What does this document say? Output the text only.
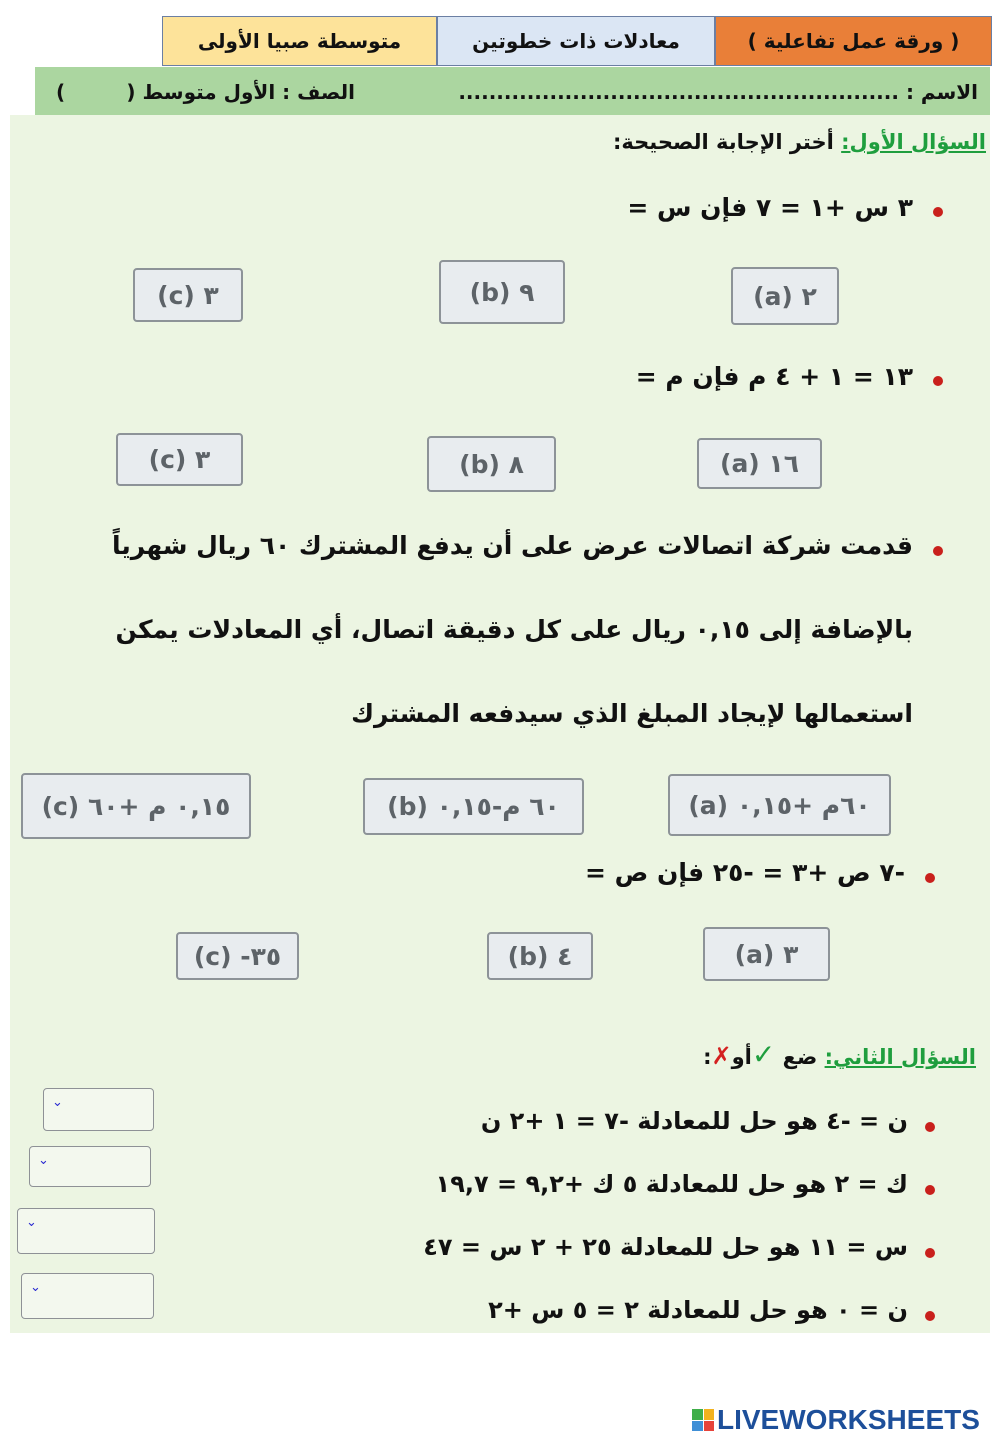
( ورقة عمل تفاعلية )
معادلات ذات خطوتين
متوسطة صبيا الأولى
الاسم : ..........................................................
الصف : الأول متوسط (
)
السؤال الأول: أختر الإجابة الصحيحة:
٣ س +١ = ٧ فإن س =
(a) ٢
(b) ٩
(c) ٣
١٣ = ١ + ٤ م فإن م =
(a) ١٦
(b) ٨
(c) ٣
قدمت شركة اتصالات عرض على أن يدفع المشترك ٦٠ ريال شهرياً
بالإضافة إلى ٠,١٥ ريال على كل دقيقة اتصال، أي المعادلات يمكن
استعمالها لإيجاد المبلغ الذي سيدفعه المشترك
(a) ٦٠م +٠,١٥
(b) ٦٠ م-٠,١٥
(c) ٠,١٥ م +٦٠
-٧ ص +٣ = -٢٥ فإن ص =
(a) ٣
(b) ٤
(c) -٣٥
السؤال الثاني: ضع ✓أو✗:
ن = -٤ هو حل للمعادلة -٧ = ١ +٢ ن
⌄
ك = ٢ هو حل للمعادلة ٥ ك +٩,٢ = ١٩,٧
⌄
س = ١١ هو حل للمعادلة ٢٥ + ٢ س = ٤٧
⌄
ن = ٠ هو حل للمعادلة ٢ = ٥ س +٢
⌄
LIVEWORKSHEETS
